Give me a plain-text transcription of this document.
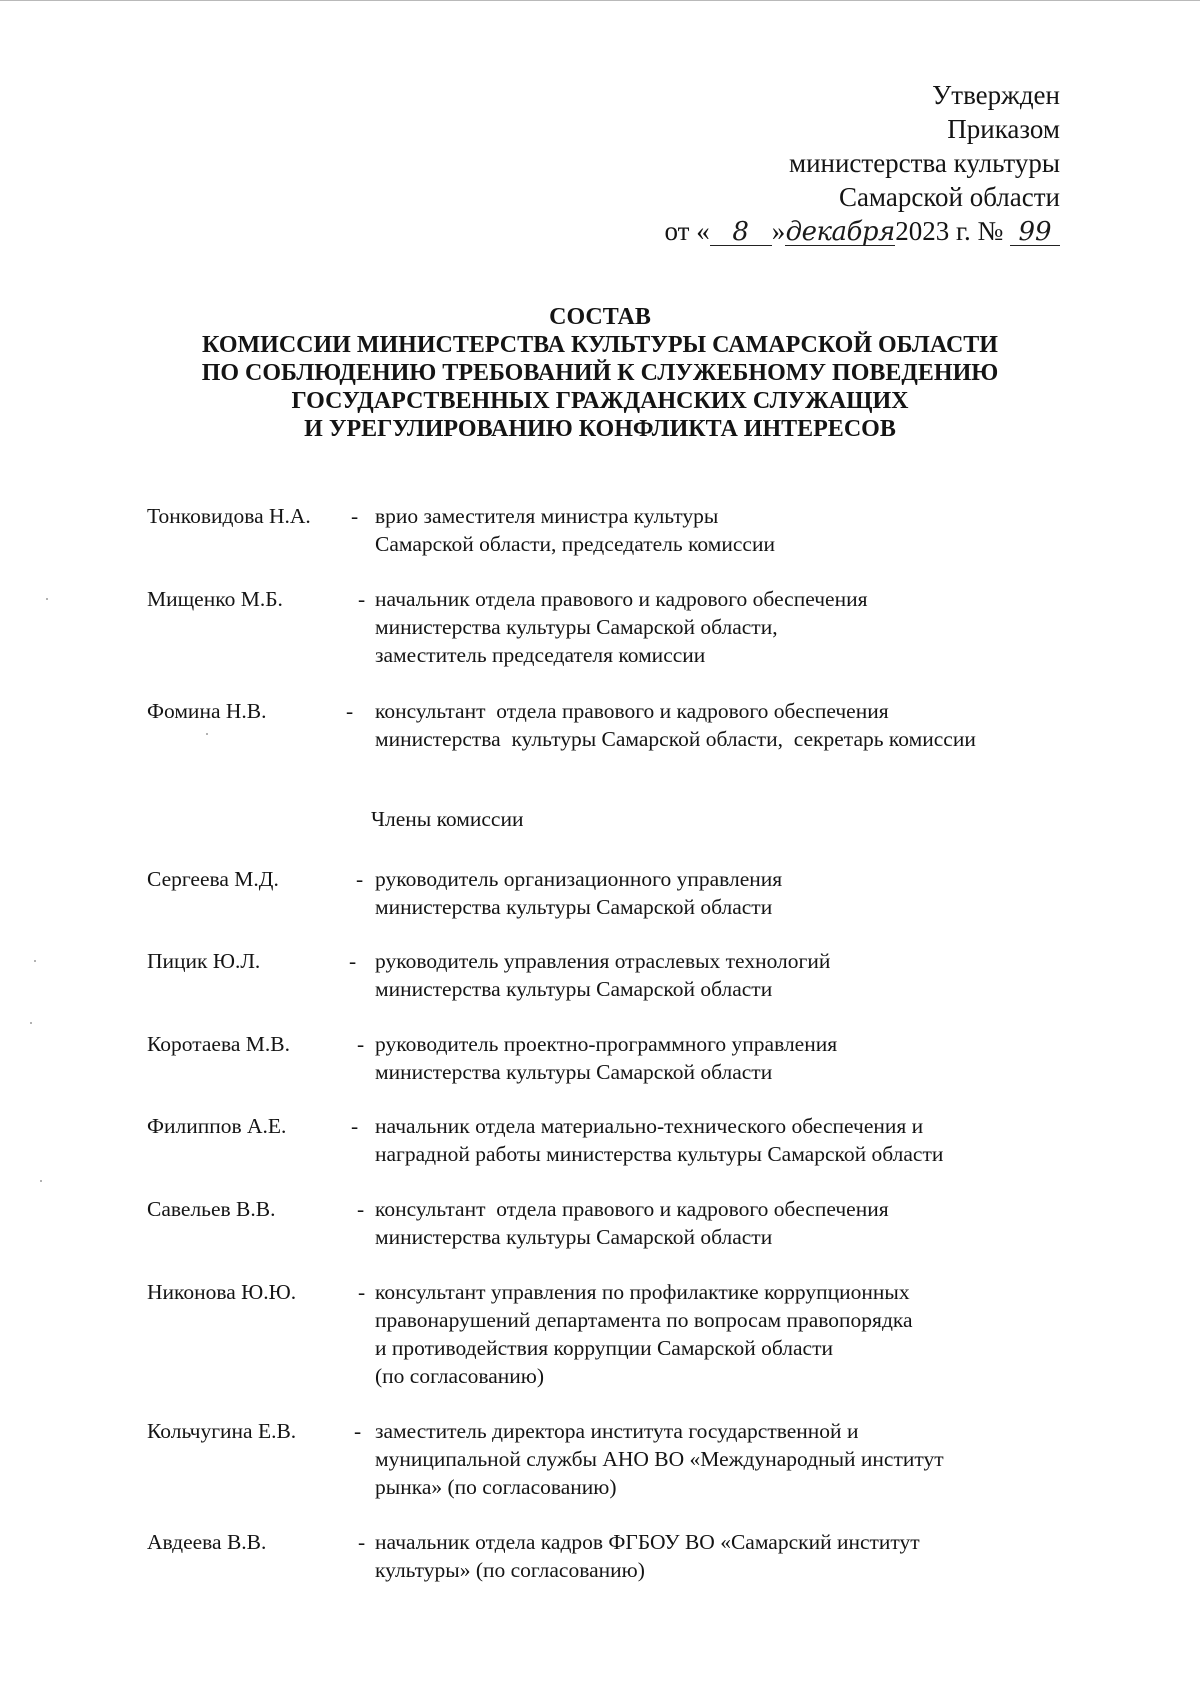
Утвержден
Приказом
министерства культуры
Самарской области
от « 8 »декабря2023 г. № 99
СОСТАВ
КОМИССИИ МИНИСТЕРСТВА КУЛЬТУРЫ САМАРСКОЙ ОБЛАСТИ
ПО СОБЛЮДЕНИЮ ТРЕБОВАНИЙ К СЛУЖЕБНОМУ ПОВЕДЕНИЮ
ГОСУДАРСТВЕННЫХ ГРАЖДАНСКИХ СЛУЖАЩИХ
И УРЕГУЛИРОВАНИЮ КОНФЛИКТА ИНТЕРЕСОВ
Тонковидова Н.А. - врио заместителя министра культуры
Самарской области, председатель комиссии
Мищенко М.Б.	- начальник отдела правового и кадрового обеспечения
министерства культуры Самарской области,
заместитель председателя комиссии
Фомина Н.В.	- консультант  отдела правового и кадрового обеспечения
министерства  культуры Самарской области,  секретарь комиссии
Члены комиссии
Сергеева М.Д.	- руководитель организационного управления
министерства культуры Самарской области
Пицик Ю.Л.	- руководитель управления отраслевых технологий
министерства культуры Самарской области
Коротаева М.В.	- руководитель проектно-программного управления
министерства культуры Самарской области
Филиппов А.Е.	- начальник отдела материально-технического обеспечения и
наградной работы министерства культуры Самарской области
Савельев В.В.	- консультант  отдела правового и кадрового обеспечения
министерства культуры Самарской области
Никонова Ю.Ю.	- консультант управления по профилактике коррупционных
правонарушений департамента по вопросам правопорядка
и противодействия коррупции Самарской области
(по согласованию)
Кольчугина Е.В.	- заместитель директора института государственной и
муниципальной службы АНО ВО «Международный институт
рынка» (по согласованию)
Авдеева В.В.	- начальник отдела кадров ФГБОУ ВО «Самарский институт
культуры» (по согласованию)
